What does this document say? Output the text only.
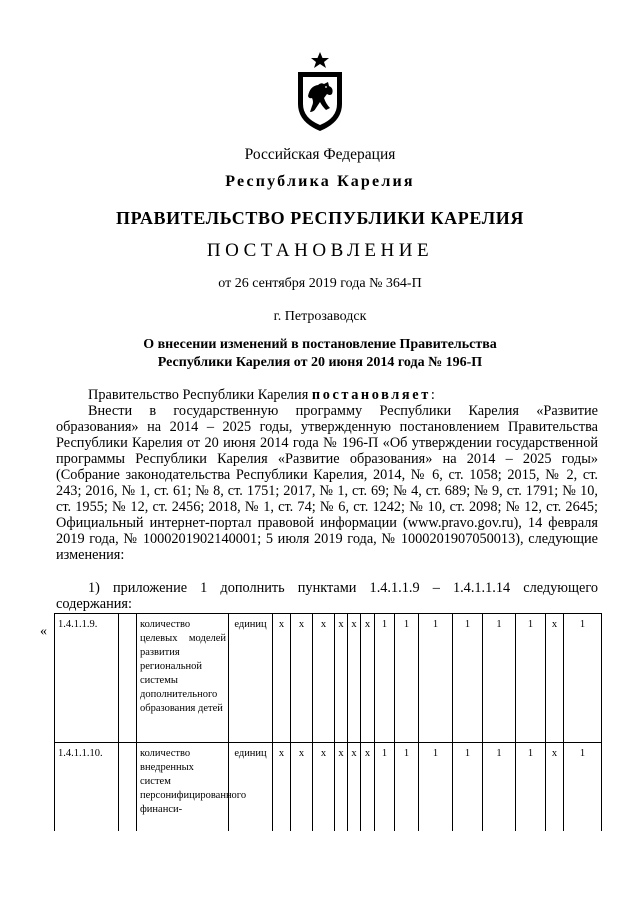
Российская Федерация
Республика Карелия
ПРАВИТЕЛЬСТВО РЕСПУБЛИКИ КАРЕЛИЯ
ПОСТАНОВЛЕНИЕ
от 26 сентября 2019 года № 364-П
г. Петрозаводск
О внесении изменений в постановление Правительства
Республики Карелия от 20 июня 2014 года № 196-П
Правительство Республики Карелия постановляет:
Внести в государственную программу Республики Карелия «Развитие образования» на 2014 – 2025 годы, утвержденную постановлением Правительства Республики Карелия от 20 июня 2014 года № 196-П «Об утверждении государственной программы Республики Карелия «Развитие образования» на 2014 – 2025 годы» (Собрание законодательства Республики Карелия, 2014, № 6, ст. 1058; 2015, № 2, ст. 243; 2016, № 1, ст. 61; № 8, ст. 1751; 2017, № 1, ст. 69; № 4, ст. 689; № 9, ст. 1791; № 10, ст. 1955; № 12, ст. 2456; 2018, № 1, ст. 74; № 6, ст. 1242; № 10, ст. 2098; № 12, ст. 2645; Официальный интернет-портал правовой информации (www.pravo.gov.ru), 14 февраля 2019 года, № 1000201902140001; 5 июля 2019 года, № 1000201907050013), следующие изменения:
1) приложение 1 дополнить пунктами 1.4.1.1.9 – 1.4.1.1.14 следующего содержания:
« 1.4.1.1.9.		количество целевых моделей развития региональной системы дополнительного образования детей	единиц	x	x	x	x	x	x	1	1	1	1	1	1	x	1
1.4.1.1.10.		количество внедренных систем персонифицированного финанси-	единиц	x	x	x	x	x	x	1	1	1	1	1	1	x	1
